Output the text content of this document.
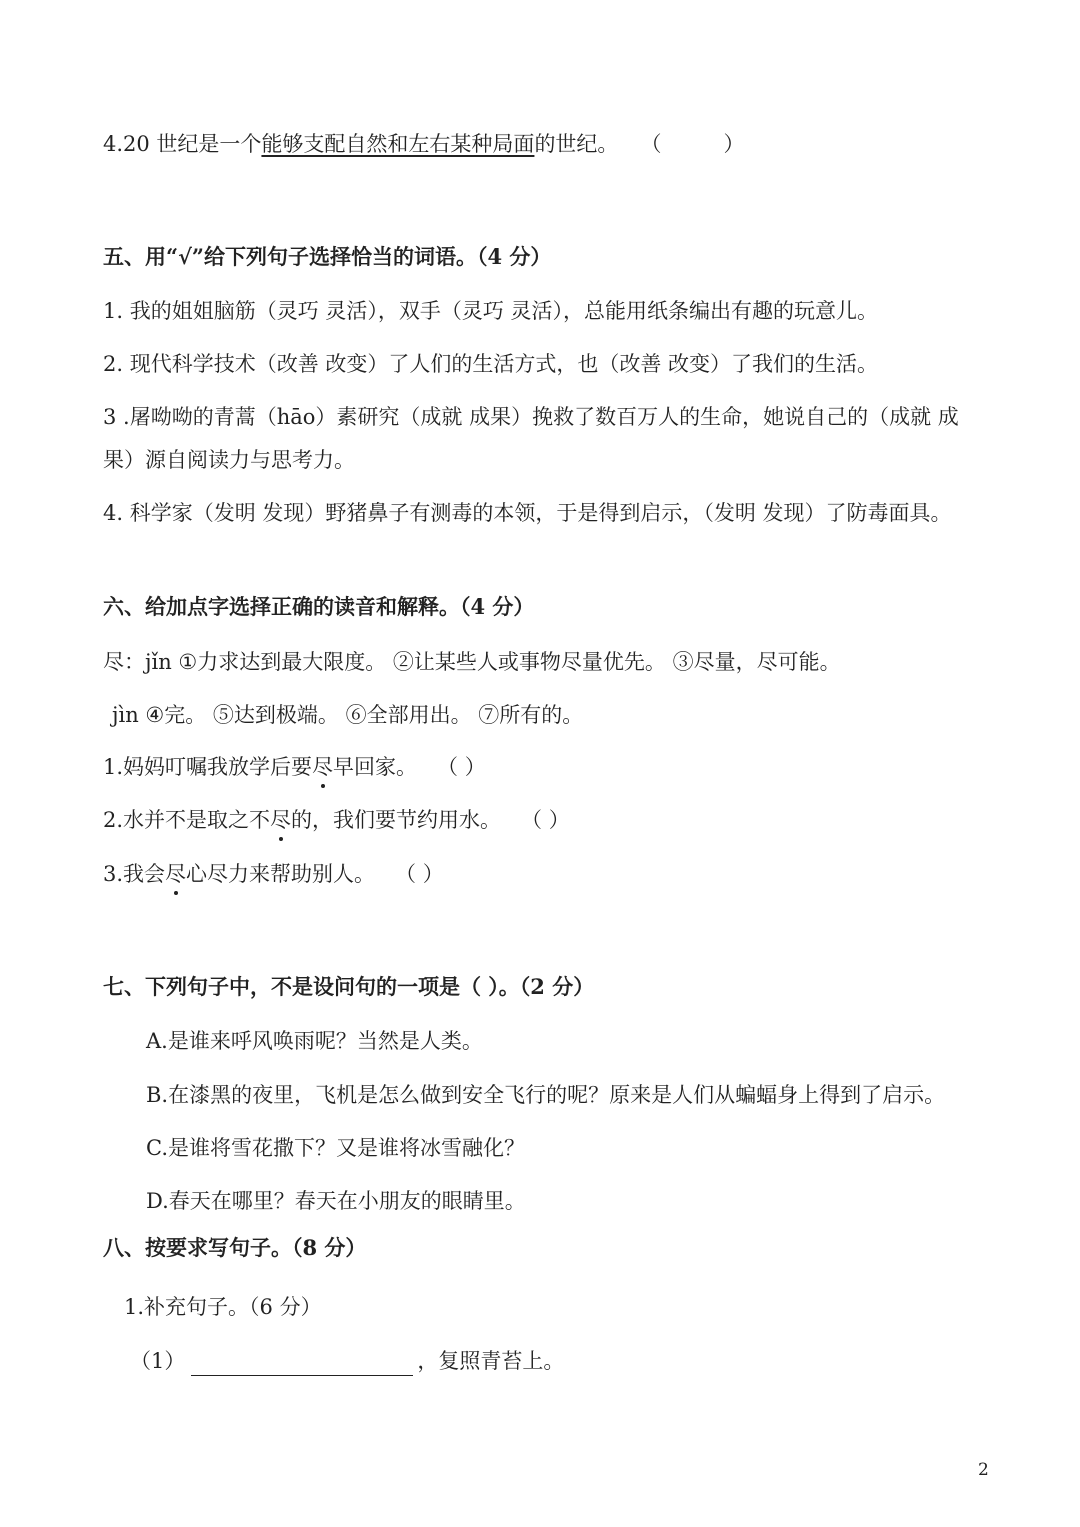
4.20 世纪是一个能够支配自然和左右某种局面的世纪。 （	）
五、用“√”给下列句子选择恰当的词语。（4 分）
1. 我的姐姐脑筋（灵巧 灵活），双手（灵巧 灵活），总能用纸条编出有趣的玩意儿。
2. 现代科学技术（改善 改变）了人们的生活方式，也（改善 改变）了我们的生活。
3 .屠呦呦的青蒿（hāo）素研究（成就 成果）挽救了数百万人的生命，她说自己的（成就 成
果）源自阅读力与思考力。
4. 科学家（发明 发现）野猪鼻子有测毒的本领，于是得到启示，（发明 发现）了防毒面具。
六、给加点字选择正确的读音和解释。（4 分）
尽：jǐn ①力求达到最大限度。 ②让某些人或事物尽量优先。 ③尽量，尽可能。
jìn ④完。 ⑤达到极端。 ⑥全部用出。 ⑦所有的。
1.妈妈叮嘱我放学后要尽早回家。 （ ）
2.水并不是取之不尽的，我们要节约用水。 （ ）
3.我会尽心尽力来帮助别人。 （ ）
七、下列句子中，不是设问句的一项是（ ）。（2 分）
A.是谁来呼风唤雨呢？当然是人类。
B.在漆黑的夜里，飞机是怎么做到安全飞行的呢？原来是人们从蝙蝠身上得到了启示。
C.是谁将雪花撒下？又是谁将冰雪融化？
D.春天在哪里？春天在小朋友的眼睛里。
八、按要求写句子。（8 分）
1.补充句子。（6 分）
（1）	，复照青苔上。
2
